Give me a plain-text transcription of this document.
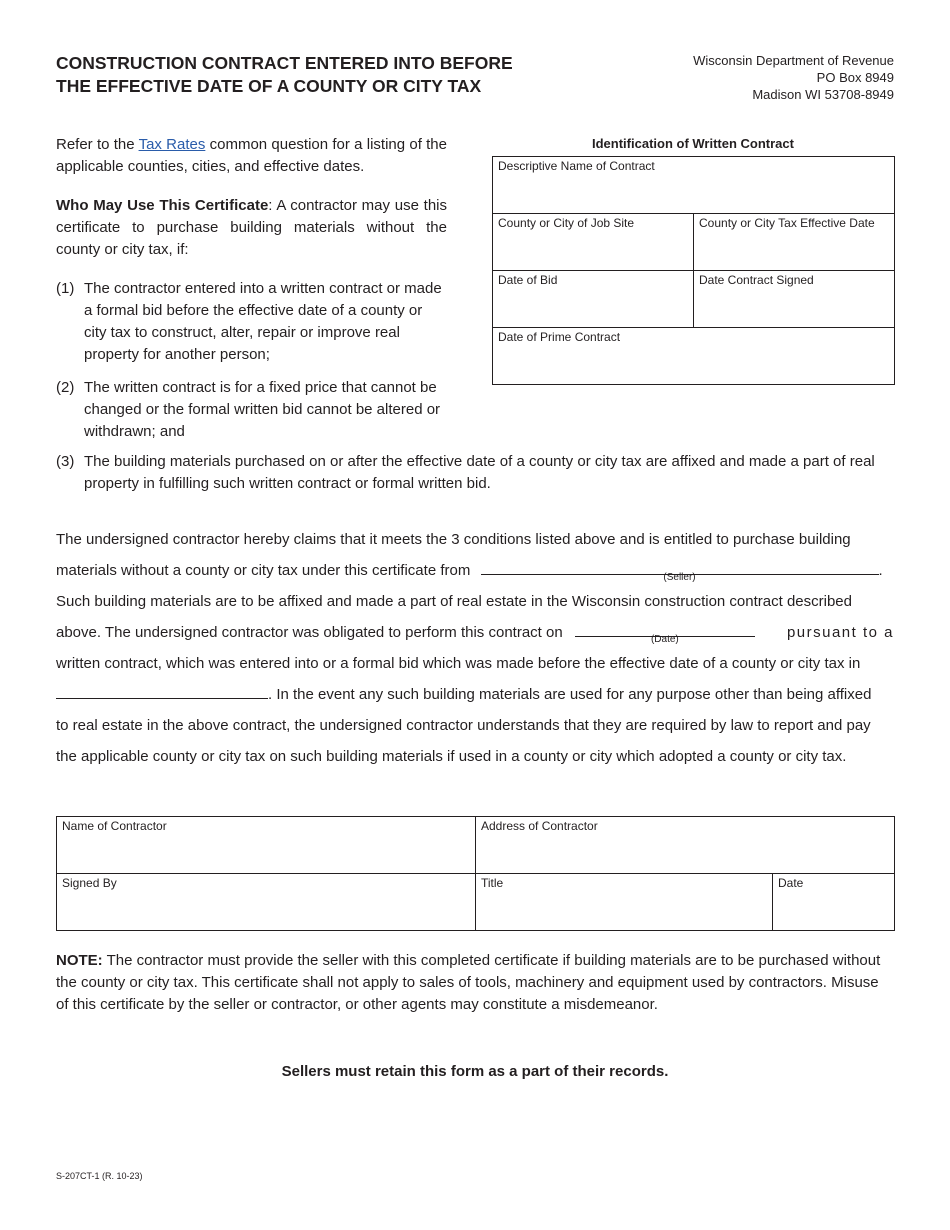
CONSTRUCTION CONTRACT ENTERED INTO BEFORE
THE EFFECTIVE DATE OF A COUNTY OR CITY TAX
Wisconsin Department of Revenue
PO Box 8949
Madison WI 53708-8949

Refer to the Tax Rates common question for a listing of the applicable counties, cities, and effective dates.

Who May Use This Certificate: A contractor may use this certificate to purchase building materials without the county or city tax, if:

(1) The contractor entered into a written contract or made a formal bid before the effective date of a county or city tax to construct, alter, repair or improve real property for another person;
(2) The written contract is for a fixed price that cannot be changed or the formal written bid cannot be altered or withdrawn; and
(3) The building materials purchased on or after the effective date of a county or city tax are affixed and made a part of real property in fulfilling such written contract or formal written bid.
Identification of Written Contract
Descriptive Name of Contract	
County or City of Job Site	County or City Tax Effective Date
Date of Bid	Date Contract Signed
Date of Prime Contract	
The undersigned contractor hereby claims that it meets the 3 conditions listed above and is entitled to purchase building
materials without a county or city tax under this certificate from	(Seller)	.
Such building materials are to be affixed and made a part of real estate in the Wisconsin construction contract described
above. The undersigned contractor was obligated to perform this contract on	(Date)	pursuant to a
written contract, which was entered into or a formal bid which was made before the effective date of a county or city tax in
. In the event any such building materials are used for any purpose other than being affixed
to real estate in the above contract, the undersigned contractor understands that they are required by law to report and pay
the applicable county or city tax on such building materials if used in a county or city which adopted a county or city tax.
Name of Contractor	Address of Contractor	
Signed By	Title	Date
NOTE: The contractor must provide the seller with this completed certificate if building materials are to be purchased without the county or city tax. This certificate shall not apply to sales of tools, machinery and equipment used by contractors. Misuse of this certificate by the seller or contractor, or other agents may constitute a misdemeanor.
Sellers must retain this form as a part of their records.
S-207CT-1 (R. 10-23)
